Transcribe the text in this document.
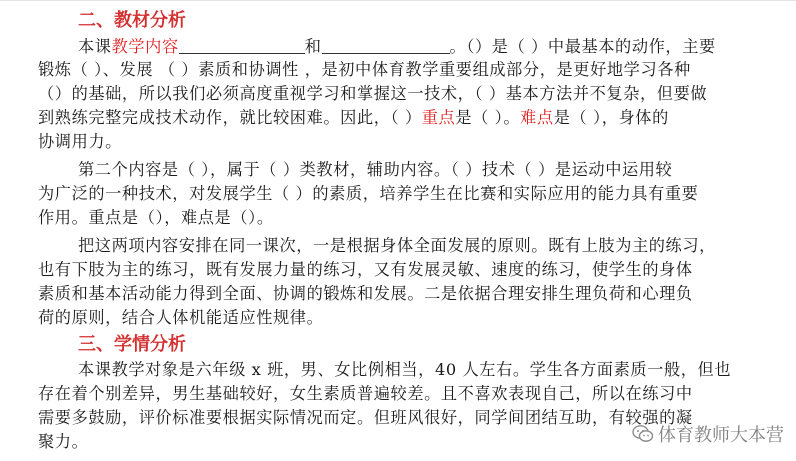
二、教材分析
本课教学内容	和	。（）是（ ）中最基本的动作，主要
锻炼（ ）、发展 （ ）素质和协调性 ，是初中体育教学重要组成部分，是更好地学习各种
（）的基础，所以我们必须高度重视学习和掌握这一技术，（ ）基本方法并不复杂，但要做
到熟练完整完成技术动作，就比较困难。因此，（ ）重点是（ ）。难点是（ ），身体的
协调用力。
第二个内容是（ ），属于（ ）类教材，辅助内容。（ ）技术（ ）是运动中运用较
为广泛的一种技术，对发展学生（ ）的素质，培养学生在比赛和实际应用的能力具有重要
作用。重点是（），难点是（）。
把这两项内容安排在同一课次，一是根据身体全面发展的原则。既有上肢为主的练习，
也有下肢为主的练习，既有发展力量的练习，又有发展灵敏、速度的练习，使学生的身体
素质和基本活动能力得到全面、协调的锻炼和发展。二是依据合理安排生理负荷和心理负
荷的原则，结合人体机能适应性规律。
三、学情分析
本课教学对象是六年级 x 班，男、女比例相当，40 人左右。学生各方面素质一般，但也
存在着个别差异，男生基础较好，女生素质普遍较差。且不喜欢表现自己，所以在练习中
需要多鼓励，评价标准要根据实际情况而定。但班风很好，同学间团结互助，有较强的凝
聚力。	体育教师大本营
